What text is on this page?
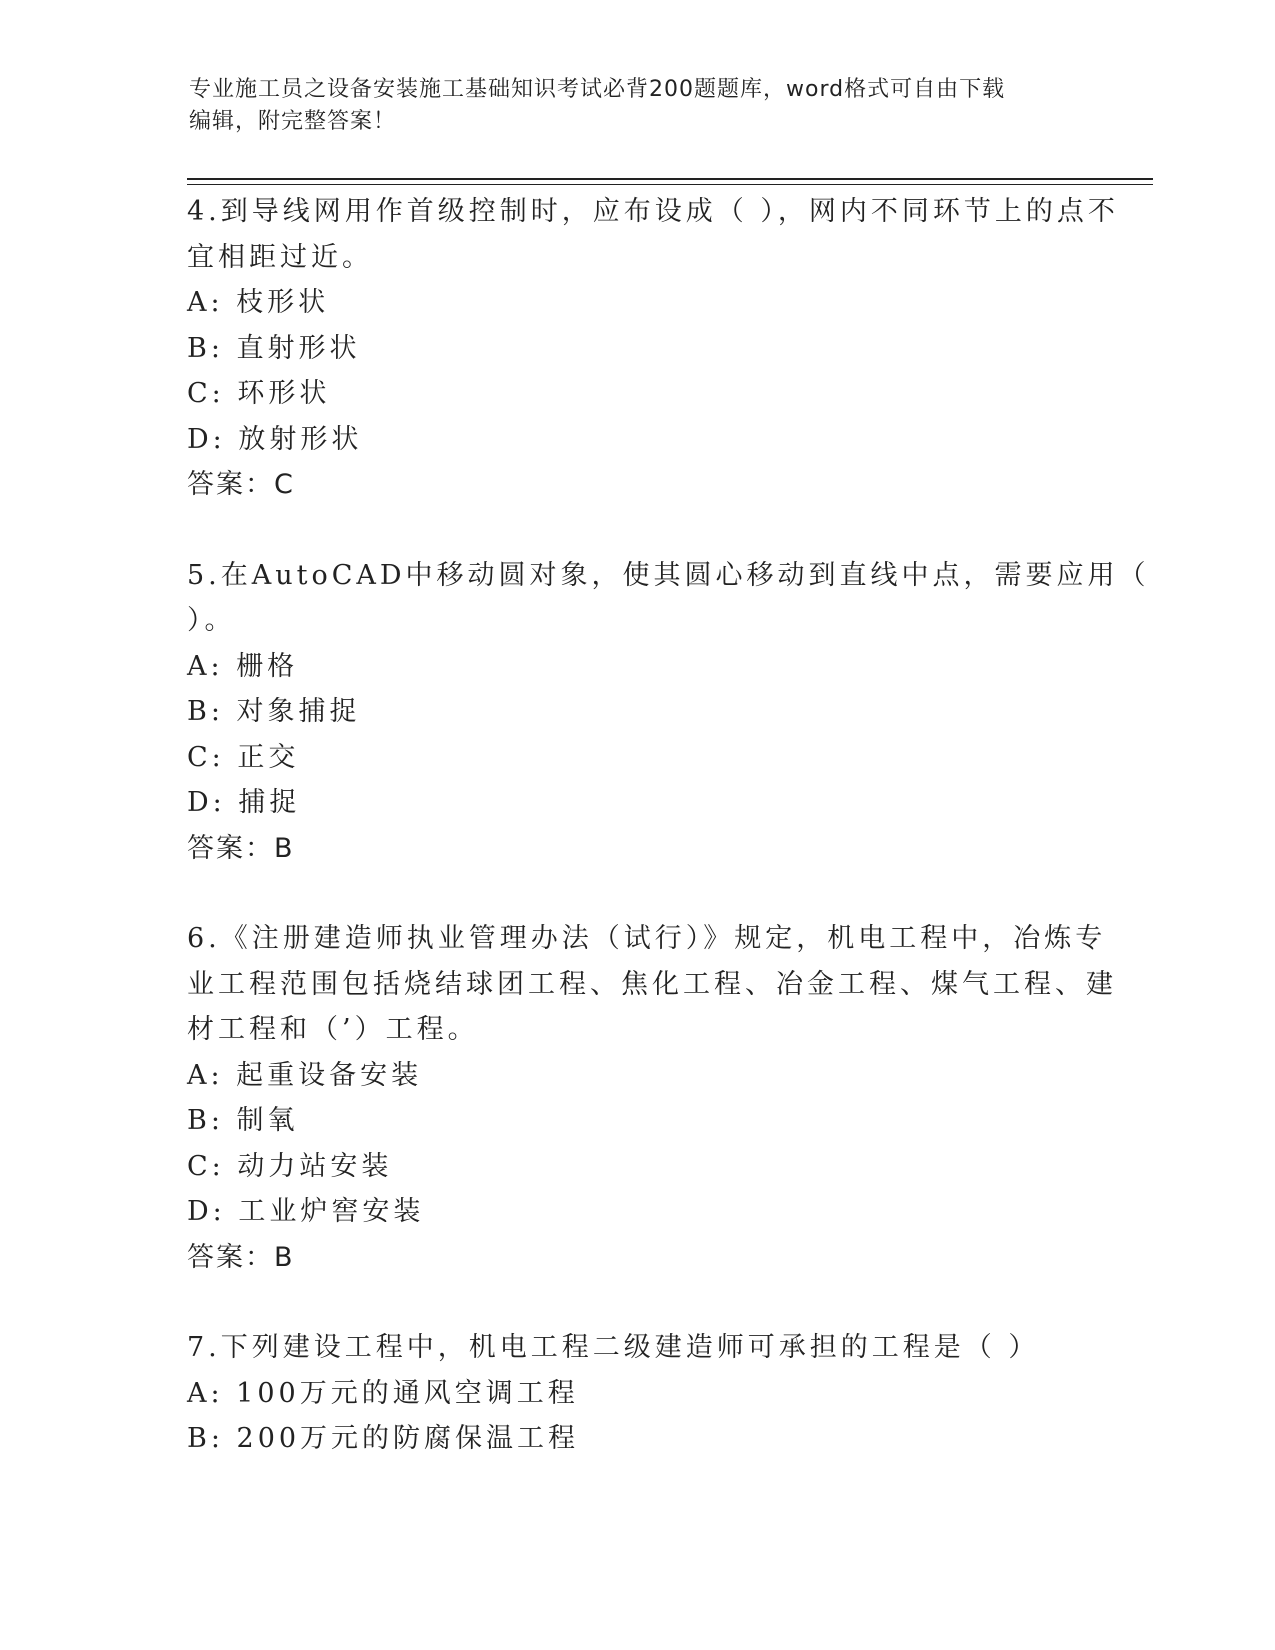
专业施工员之设备安装施工基础知识考试必背200题题库，word格式可自由下载
编辑，附完整答案！
4.到导线网用作首级控制时，应布设成（ ），网内不同环节上的点不
宜相距过近。
A: 枝形状
B: 直射形状
C: 环形状
D: 放射形状
答案：C
5.在AutoCAD中移动圆对象，使其圆心移动到直线中点，需要应用（
）。
A: 栅格
B: 对象捕捉
C: 正交
D: 捕捉
答案：B
6.《注册建造师执业管理办法（试行）》规定，机电工程中，冶炼专
业工程范围包括烧结球团工程、焦化工程、冶金工程、煤气工程、建
材工程和（’）工程。
A: 起重设备安装
B: 制氧
C: 动力站安装
D: 工业炉窖安装
答案：B
7.下列建设工程中，机电工程二级建造师可承担的工程是（ ）
A: 100万元的通风空调工程
B: 200万元的防腐保温工程
